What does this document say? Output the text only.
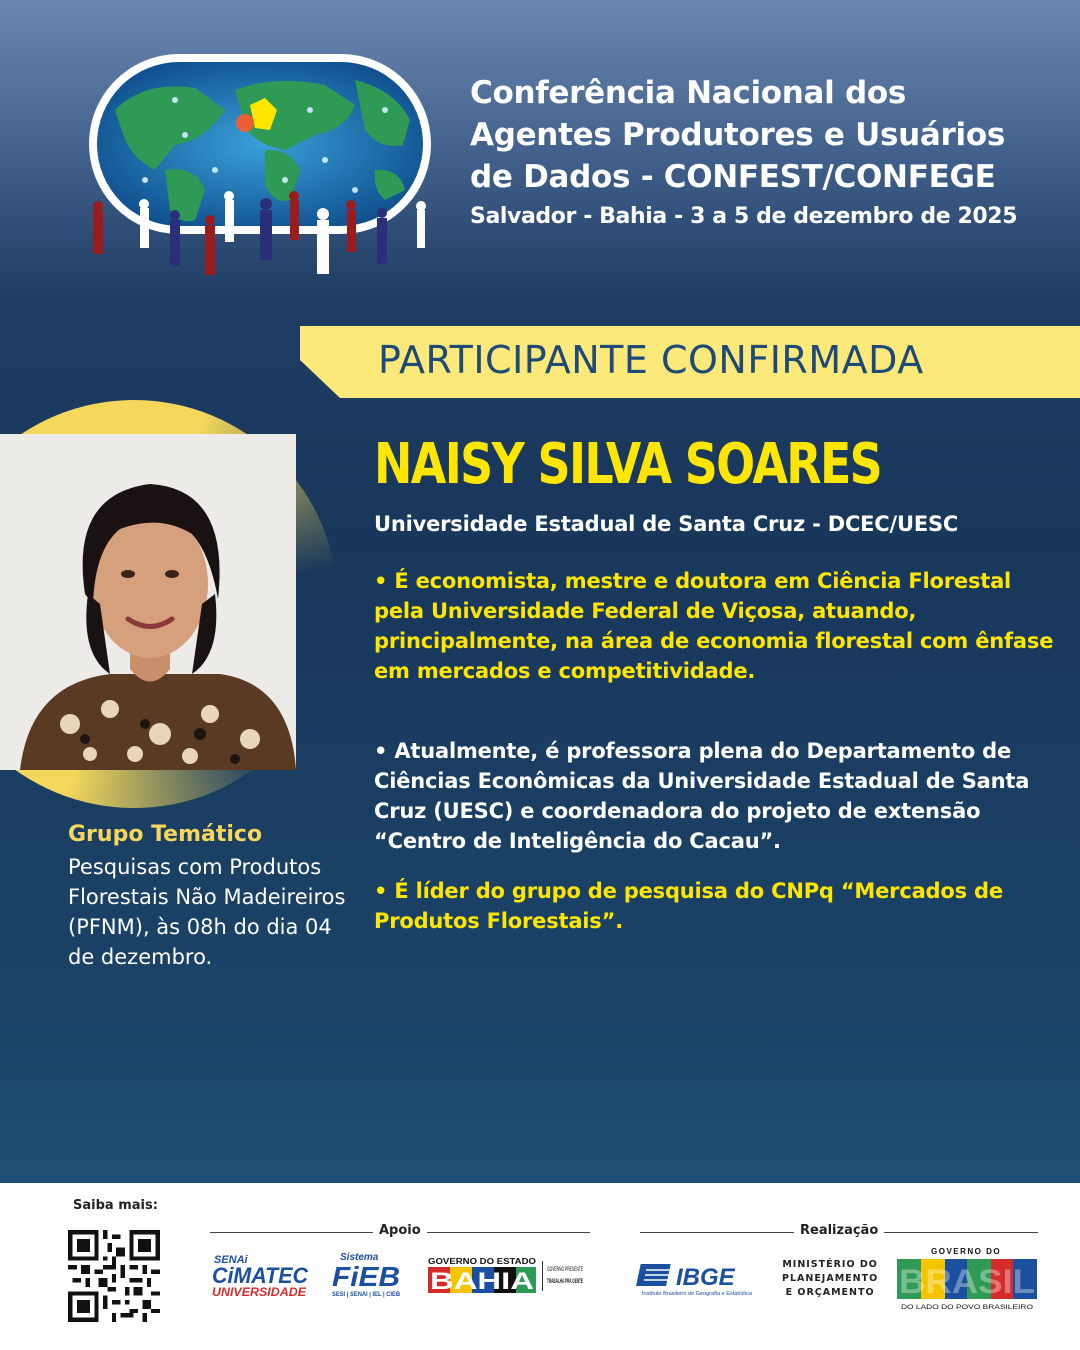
Conferência Nacional dos
Agentes Produtores e Usuários
de Dados - CONFEST/CONFEGE
Salvador - Bahia - 3 a 5 de dezembro de 2025
PARTICIPANTE CONFIRMADA
NAISY SILVA SOARES
Universidade Estadual de Santa Cruz - DCEC/UESC

• É economista, mestre e doutora em Ciência Florestal pela Universidade Federal de Viçosa, atuando, principalmente, na área de economia florestal com ênfase em mercados e competitividade.

• Atualmente, é professora plena do Departamento de Ciências Econômicas da Universidade Estadual de Santa Cruz (UESC) e coordenadora do projeto de extensão “Centro de Inteligência do Cacau”.

• É líder do grupo de pesquisa do CNPq “Mercados de Produtos Florestais”.

Grupo Temático

Pesquisas com Produtos Florestais Não Madeireiros (PFNM), às 08h do dia 04 de dezembro.

Saiba mais:
Apoio	Realização
SENAi
CiMATEC
UNIVERSIDADE
Sistema
FiEB
SESI | SENAI | IEL | CIEB
GOVERNO DO ESTADO
BAHIA GOVERNO PRESENTE
TRABALHA PRA GENTE	IBGE
Instituto Brasileiro de Geografia e Estatística
MINISTÉRIO DO
PLANEJAMENTO
E ORÇAMENTO
GOVERNO DO
BRASIL
DO LADO DO POVO BRASILEIRO
